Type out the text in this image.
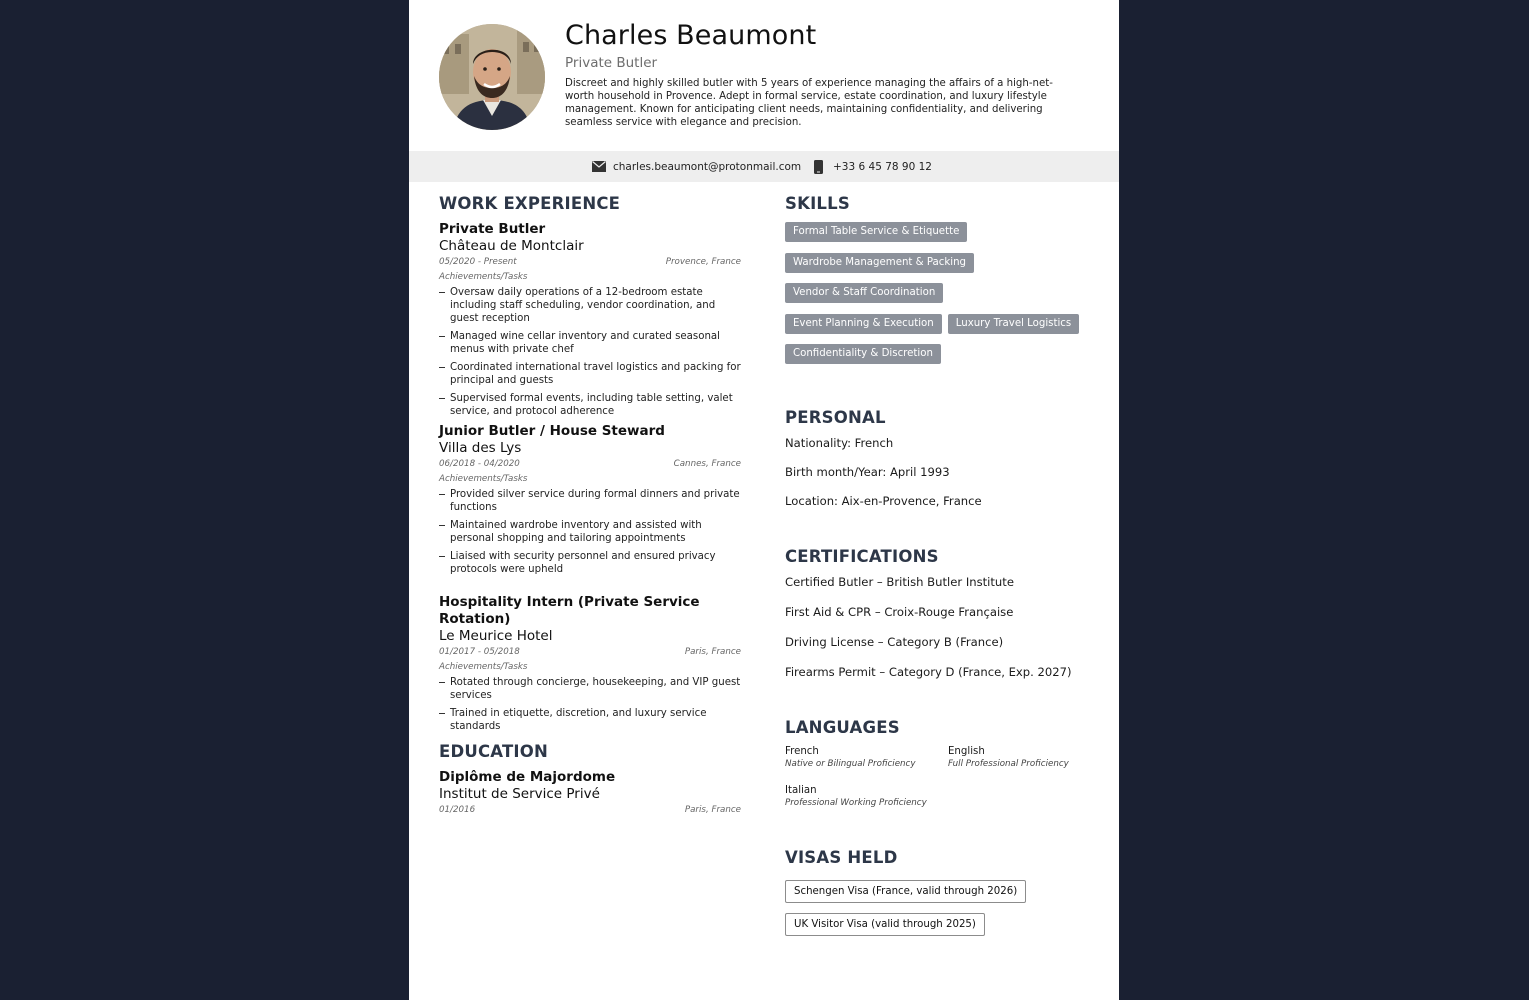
Charles Beaumont
Private Butler
Discreet and highly skilled butler with 5 years of experience managing the affairs of a high-net-worth household in Provence. Adept in formal service, estate coordination, and luxury lifestyle management. Known for anticipating client needs, maintaining confidentiality, and delivering seamless service with elegance and precision.
charles.beaumont@protonmail.com	+33 6 45 78 90 12
WORK EXPERIENCE
Private Butler
Château de Montclair
05/2020 - Present	Provence, France
Achievements/Tasks
Oversaw daily operations of a 12-bedroom estate including staff scheduling, vendor coordination, and guest reception
Managed wine cellar inventory and curated seasonal menus with private chef
Coordinated international travel logistics and packing for principal and guests
Supervised formal events, including table setting, valet service, and protocol adherence
Junior Butler / House Steward
Villa des Lys
06/2018 - 04/2020	Cannes, France
Achievements/Tasks
Provided silver service during formal dinners and private functions
Maintained wardrobe inventory and assisted with personal shopping and tailoring appointments
Liaised with security personnel and ensured privacy protocols were upheld
Hospitality Intern (Private Service Rotation)
Le Meurice Hotel
01/2017 - 05/2018	Paris, France
Achievements/Tasks
Rotated through concierge, housekeeping, and VIP guest services
Trained in etiquette, discretion, and luxury service standards
EDUCATION
Diplôme de Majordome
Institut de Service Privé
01/2016	Paris, France
SKILLS
Formal Table Service & Etiquette
Wardrobe Management & Packing
Vendor & Staff Coordination
Event Planning & Execution	Luxury Travel Logistics
Confidentiality & Discretion
PERSONAL
Nationality: French
Birth month/Year: April 1993
Location: Aix-en-Provence, France
CERTIFICATIONS
Certified Butler – British Butler Institute
First Aid & CPR – Croix-Rouge Française
Driving License – Category B (France)
Firearms Permit – Category D (France, Exp. 2027)
LANGUAGES
French
Native or Bilingual Proficiency
English
Full Professional Proficiency
Italian
Professional Working Proficiency
VISAS HELD
Schengen Visa (France, valid through 2026)
UK Visitor Visa (valid through 2025)
